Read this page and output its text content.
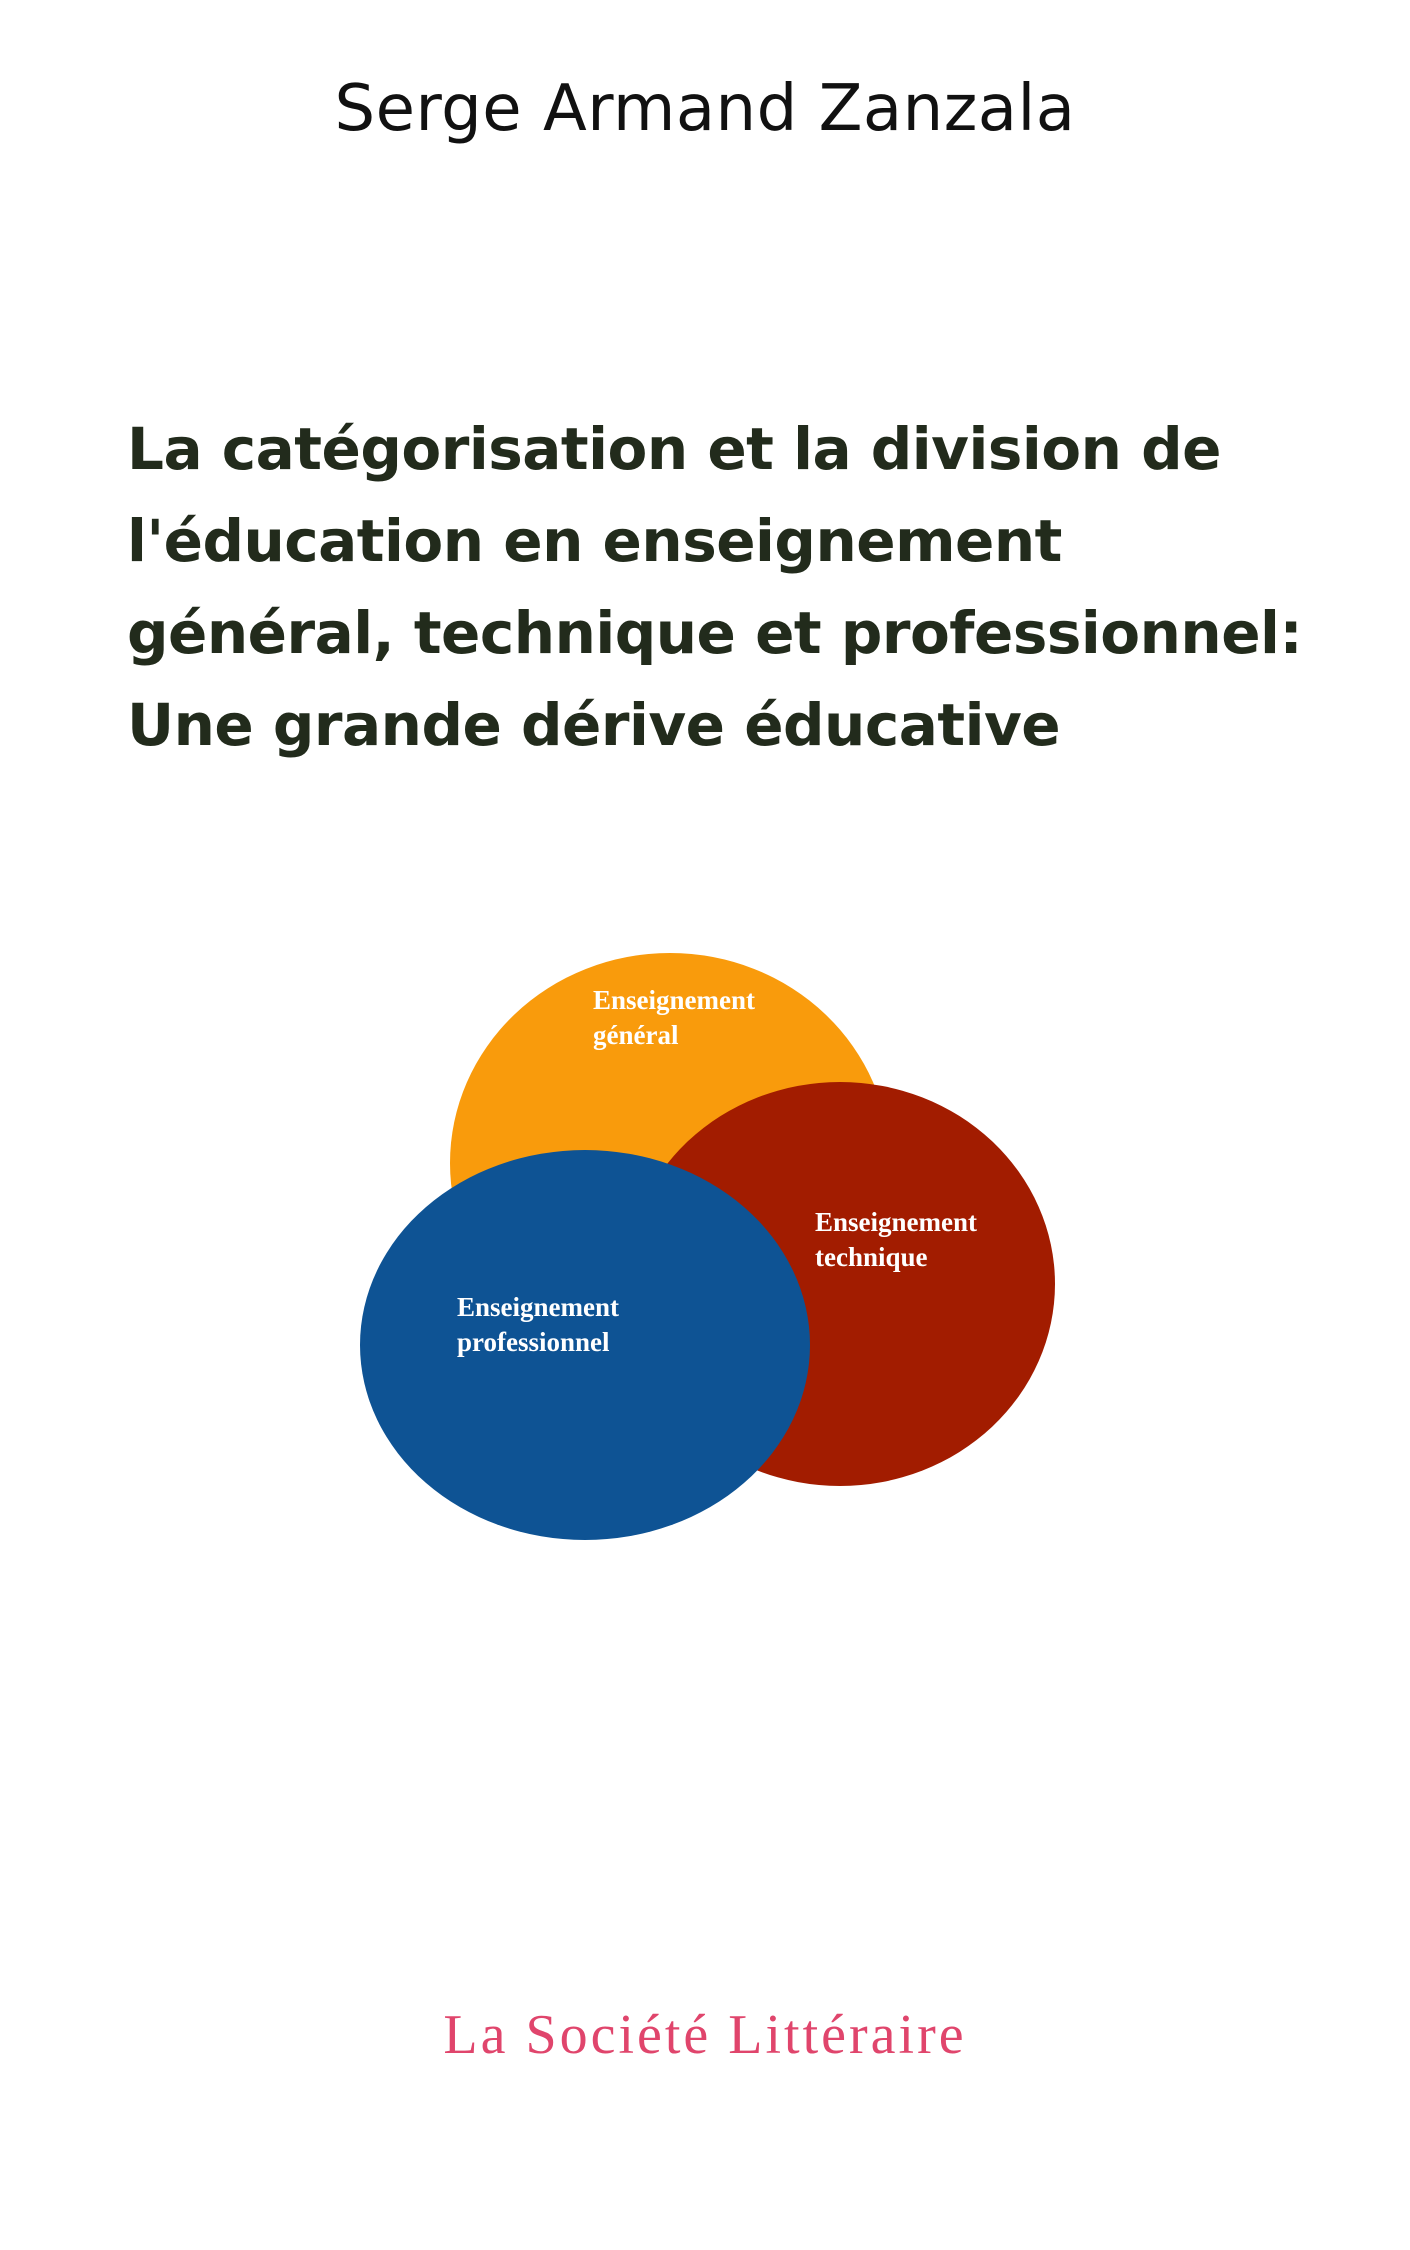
Serge Armand Zanzala
La catégorisation et la division de
l'éducation en enseignement
général, technique et professionnel:
Une grande dérive éducative
Enseignement général
Enseignement technique
Enseignement professionnel
La Société Littéraire
